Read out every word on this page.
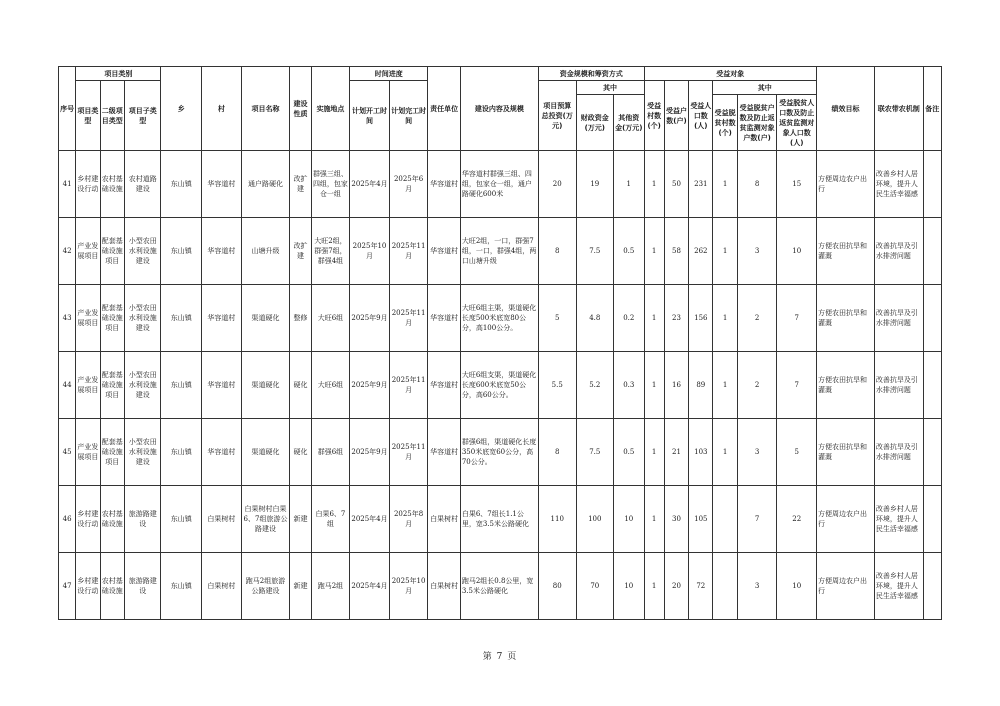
序号	项目类别			乡	村	项目名称	建设性质	实施地点	时间进度		责任单位	建设内容及规模	资金规模和筹资方式			受益对象						绩效目标	联农带农机制	备注
	项目类型	二级项目类型	项目子类型						计划开工时间	计划完工时间			项目预算总投资(万元)	其中		受益村数(个)	受益户数(户)	受益人口数(人)	其中					
														财政资金(万元)	其他资金(万元)				受益脱贫村数(个)	受益脱贫户数及防止返贫监测对象户数(户)	受益脱贫人口数及防止返贫监测对象人口数(人)			
41	乡村建设行动	农村基础设施	农村道路建设	东山镇	华容道村	通户路硬化	改扩建	群强三组、四组，包家仓一组	2025年4月	2025年6月	华容道村	华容道村群强三组、四组，包家仓一组，通户路硬化600米	20	19	1	1	50	231	1	8	15	方便周边农户出行	改善乡村人居环境，提升人民生活幸福感	
42	产业发展项目	配套基础设施项目	小型农田水利设施建设	东山镇	华容道村	山塘升级	改扩建	大旺2组，群强7组，群强4组	2025年10月	2025年11月	华容道村	大旺2组，一口，群强7组，一口，群强4组，两口山塘升级	8	7.5	0.5	1	58	262	1	3	10	方便农田抗旱和灌溉	改善抗旱及引水排涝问题	
43	产业发展项目	配套基础设施项目	小型农田水利设施建设	东山镇	华容道村	渠道硬化	整修	大旺6组	2025年9月	2025年11月	华容道村	大旺6组主渠，渠道硬化长度500米底宽80公分，高100公分。	5	4.8	0.2	1	23	156	1	2	7	方便农田抗旱和灌溉	改善抗旱及引水排涝问题	
44	产业发展项目	配套基础设施项目	小型农田水利设施建设	东山镇	华容道村	渠道硬化	硬化	大旺6组	2025年9月	2025年11月	华容道村	大旺6组支渠，渠道硬化长度600米底宽50公分，高60公分。	5.5	5.2	0.3	1	16	89	1	2	7	方便农田抗旱和灌溉	改善抗旱及引水排涝问题	
45	产业发展项目	配套基础设施项目	小型农田水利设施建设	东山镇	华容道村	渠道硬化	硬化	群强6组	2025年9月	2025年11月	华容道村	群强6组，渠道硬化长度350米底宽60公分，高70公分。	8	7.5	0.5	1	21	103	1	3	5	方便农田抗旱和灌溉	改善抗旱及引水排涝问题	
46	乡村建设行动	农村基础设施	旅游路建设	东山镇	白果树村	白果树村白果6、7组旅游公路建设	新建	白果6、7组	2025年4月	2025年8月	白果树村	白果6、7组长1.1公里，宽3.5米公路硬化	110	100	10	1	30	105		7	22	方便周边农户出行	改善乡村人居环境，提升人民生活幸福感	
47	乡村建设行动	农村基础设施	旅游路建设	东山镇	白果树村	跑马2组旅游公路建设	新建	跑马2组	2025年4月	2025年10月	白果树村	跑马2组长0.8公里，宽3.5米公路硬化	80	70	10	1	20	72		3	10	方便周边农户出行	改善乡村人居环境，提升人民生活幸福感	
第 7 页
